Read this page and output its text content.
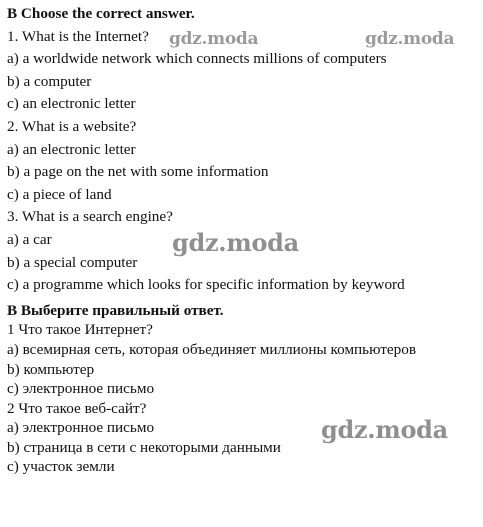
B Choose the correct answer.
1. What is the Internet?
a) a worldwide network which connects millions of computers
b) a computer
c) an electronic letter
2. What is a website?
a) an electronic letter
b) a page on the net with some information
c) a piece of land
3. What is a search engine?
a) a car
b) a special computer
c) a programme which looks for specific information by keyword
B Выберите правильный ответ.
1 Что такое Интернет?
a) всемирная сеть, которая объединяет миллионы компьютеров
b) компьютер
c) электронное письмо
2 Что такое веб-сайт?
a) электронное письмо
b) страница в сети с некоторыми данными
c) участок земли
gdz.moda	gdz.moda
gdz.moda
gdz.moda
